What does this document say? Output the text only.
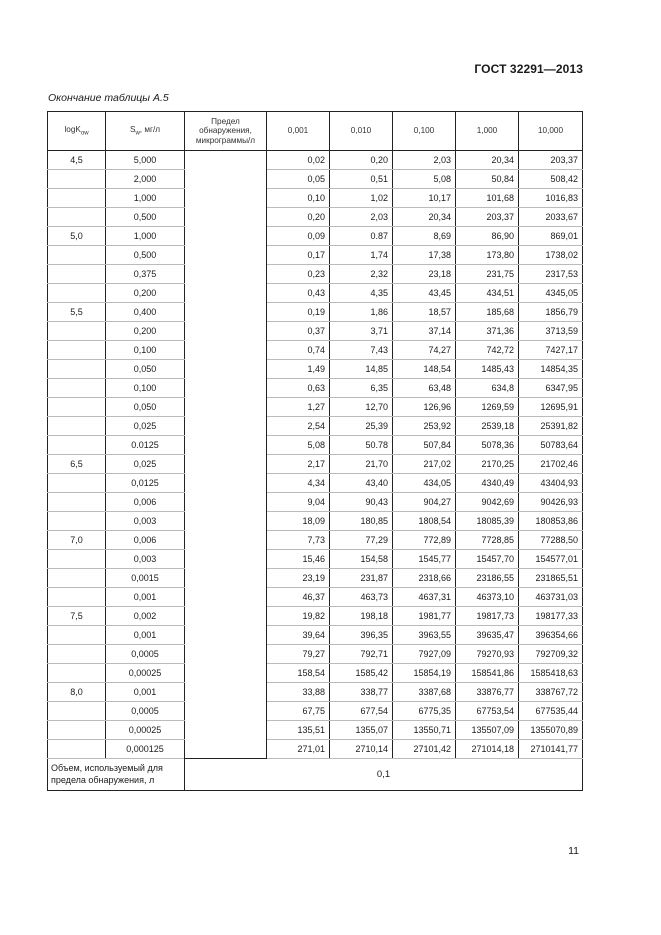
ГОСТ 32291—2013
Окончание таблицы А.5
logK$_{ow}$	$S_w$, мг/л	Предел обнаружения, микрограммы/л	0,001	0,010	0,100	1,000	10,000
4,5	5,000		0,02	0,20	2,03	20,34	203,37
	2,000		0,05	0,51	5,08	50,84	508,42
	1,000		0,10	1,02	10,17	101,68	1016,83
	0,500		0,20	2,03	20,34	203,37	2033,67
5,0	1,000		0,09	0.87	8,69	86,90	869,01
	0,500		0,17	1,74	17,38	173,80	1738,02
	0,375		0,23	2,32	23,18	231,75	2317,53
	0,200		0,43	4,35	43,45	434,51	4345,05
5,5	0,400		0,19	1,86	18,57	185,68	1856,79
	0,200		0,37	3,71	37,14	371,36	3713,59
	0,100		0,74	7,43	74,27	742,72	7427,17
	0,050		1,49	14,85	148,54	1485,43	14854,35
	0,100		0,63	6,35	63,48	634,8	6347,95
	0,050		1,27	12,70	126,96	1269,59	12695,91
	0,025		2,54	25,39	253,92	2539,18	25391,82
	0.0125		5,08	50.78	507,84	5078,36	50783,64
6,5	0,025		2,17	21,70	217,02	2170,25	21702,46
	0,0125		4,34	43,40	434,05	4340,49	43404,93
	0,006		9,04	90,43	904,27	9042,69	90426,93
	0,003		18,09	180,85	1808,54	18085,39	180853,86
7,0	0,006		7,73	77,29	772,89	7728,85	77288,50
	0,003		15,46	154,58	1545,77	15457,70	154577,01
	0,0015		23,19	231,87	2318,66	23186,55	231865,51
	0,001		46,37	463,73	4637,31	46373,10	463731,03
7,5	0,002		19,82	198,18	1981,77	19817,73	198177,33
	0,001		39,64	396,35	3963,55	39635,47	396354,66
	0,0005		79,27	792,71	7927,09	79270,93	792709,32
	0,00025		158,54	1585,42	15854,19	158541,86	1585418,63
8,0	0,001		33,88	338,77	3387,68	33876,77	338767,72
	0,0005		67,75	677,54	6775,35	67753,54	677535,44
	0,00025		135,51	1355,07	13550,71	135507,09	1355070,89
	0,000125		271,01	2710,14	27101,42	271014,18	2710141,77
Объем, используемый для предела обнаружения, л		0,1					
11
